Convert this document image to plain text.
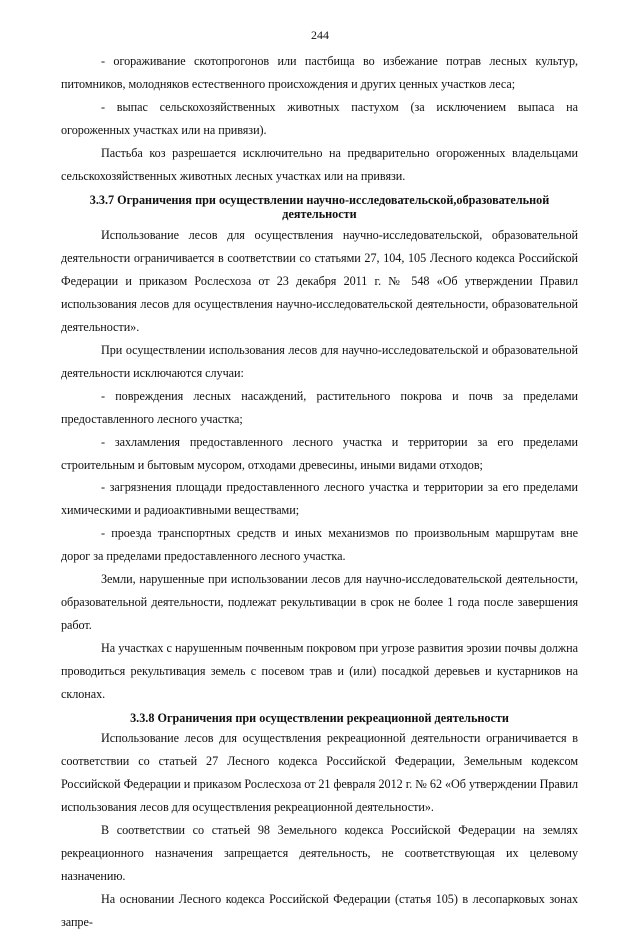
244

- огораживание скотопрогонов или пастбища во избежание потрав лесных культур, питомников, молодняков естественного происхождения и других ценных участков леса;

- выпас сельскохозяйственных животных пастухом (за исключением выпаса на огороженных участках или на привязи).

Пастьба коз разрешается исключительно на предварительно огороженных владельцами сельскохозяйственных животных лесных участках или на привязи.

3.3.7 Ограничения при осуществлении научно-исследовательской,образовательной деятельности

Использование лесов для осуществления научно-исследовательской, образовательной деятельности ограничивается в соответствии со статьями 27, 104, 105 Лесного кодекса Российской Федерации и приказом Рослесхоза от 23 декабря 2011 г. № 548 «Об утверждении Правил использования лесов для осуществления научно-исследовательской деятельности, образовательной деятельности».

При осуществлении использования лесов для научно-исследовательской и образовательной деятельности исключаются случаи:

- повреждения лесных насаждений, растительного покрова и почв за пределами предоставленного лесного участка;

- захламления предоставленного лесного участка и территории за его пределами строительным и бытовым мусором, отходами древесины, иными видами отходов;

- загрязнения площади предоставленного лесного участка и территории за его пределами химическими и радиоактивными веществами;

- проезда транспортных средств и иных механизмов по произвольным маршрутам вне дорог за пределами предоставленного лесного участка.

Земли, нарушенные при использовании лесов для научно-исследовательской деятельности, образовательной деятельности, подлежат рекультивации в срок не более 1 года после завершения работ.

На участках с нарушенным почвенным покровом при угрозе развития эрозии почвы должна проводиться рекультивация земель с посевом трав и (или) посадкой деревьев и кустарников на склонах.

3.3.8 Ограничения при осуществлении рекреационной деятельности

Использование лесов для осуществления рекреационной деятельности ограничивается в соответствии со статьей 27 Лесного кодекса Российской Федерации, Земельным кодексом Российской Федерации и приказом Рослесхоза от 21 февраля 2012 г. № 62 «Об утверждении Правил использования лесов для осуществления рекреационной деятельности».

В соответствии со статьей 98 Земельного кодекса Российской Федерации на землях рекреационного назначения запрещается деятельность, не соответствующая их целевому назначению.

На основании Лесного кодекса Российской Федерации (статья 105) в лесопарковых зонах запре-
